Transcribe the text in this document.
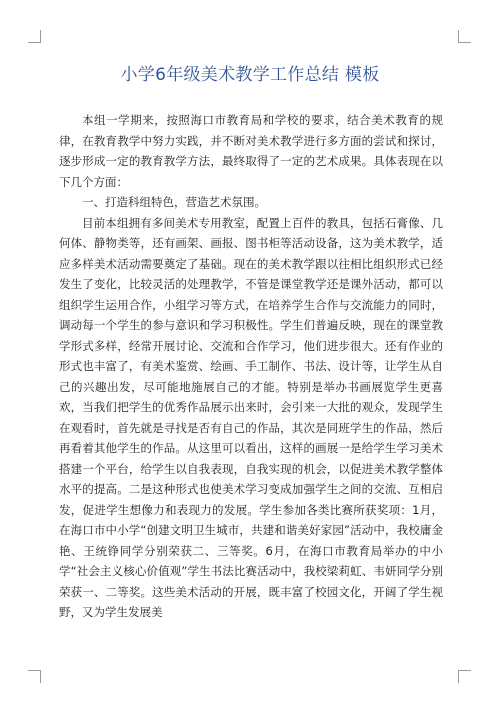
小学6年级美术教学工作总结 模板

本组一学期来，按照海口市教育局和学校的要求，结合美术教育的规律，在教育教学中努力实践，并不断对美术教学进行多方面的尝试和探讨，逐步形成一定的教育教学方法，最终取得了一定的艺术成果。具体表现在以下几个方面：

一、打造科组特色，营造艺术氛围。

目前本组拥有多间美术专用教室，配置上百件的教具，包括石膏像、几何体、静物类等，还有画架、画报、图书柜等活动设备，这为美术教学，适应多样美术活动需要奠定了基础。现在的美术教学跟以往相比组织形式已经发生了变化，比较灵活的处理教学，不管是课堂教学还是课外活动，都可以组织学生运用合作，小组学习等方式，在培养学生合作与交流能力的同时，调动每一个学生的参与意识和学习积极性。学生们普遍反映，现在的课堂教学形式多样，经常开展讨论、交流和合作学习，他们进步很大。还有作业的形式也丰富了，有美术鉴赏、绘画、手工制作、书法、设计等，让学生从自己的兴趣出发，尽可能地施展自己的才能。特别是举办书画展览学生更喜欢，当我们把学生的优秀作品展示出来时，会引来一大批的观众，发现学生在观看时，首先就是寻找是否有自己的作品，其次是同班学生的作品，然后再看着其他学生的作品。从这里可以看出，这样的画展一是给学生学习美术搭建一个平台，给学生以自我表现，自我实现的机会，以促进美术教学整体水平的提高。二是这种形式也使美术学习变成加强学生之间的交流、互相启发，促进学生想像力和表现力的发展。学生参加各类比赛所获奖项：1月，在海口市中小学“创建文明卫生城市，共建和谐美好家园”活动中，我校庸金艳、王统铮同学分别荣获二、三等奖。6月，在海口市教育局举办的中小学“社会主义核心价值观”学生书法比赛活动中，我校梁莉虹、韦妍同学分别荣获一、二等奖。这些美术活动的开展，既丰富了校园文化，开阔了学生视野，又为学生发展美
